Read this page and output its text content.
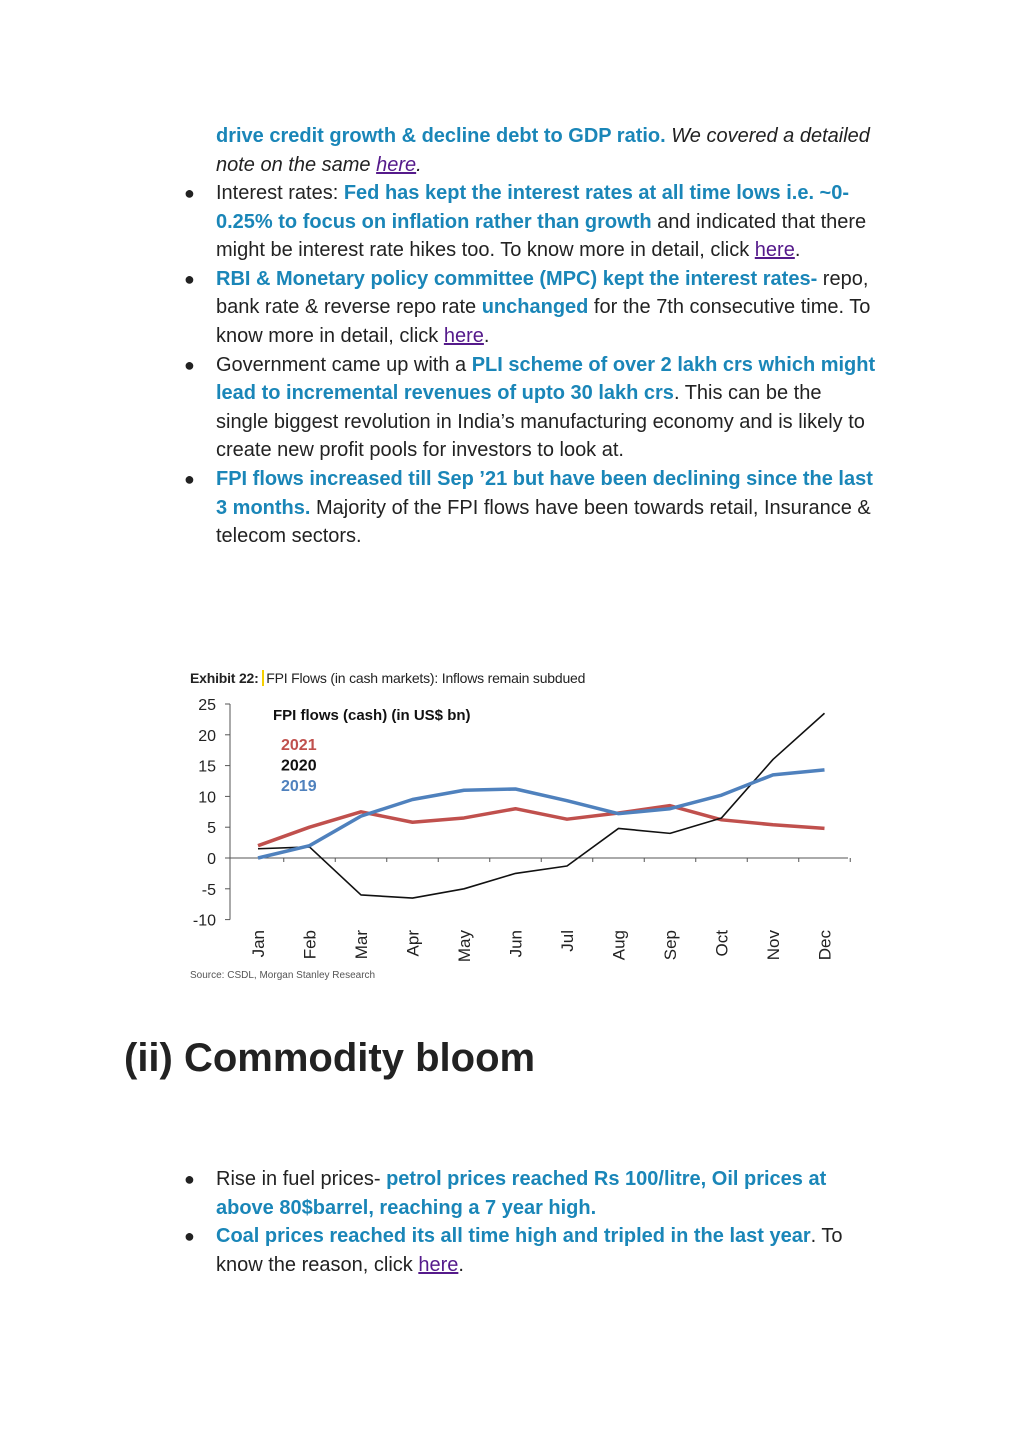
drive credit growth & decline debt to GDP ratio. We covered a detailed
note on the same here.
● Interest rates: Fed has kept the interest rates at all time lows i.e. ~0-0.25% to focus on inflation rather than growth and indicated that there might be interest rate hikes too. To know more in detail, click here.
● RBI & Monetary policy committee (MPC) kept the interest rates- repo, bank rate & reverse repo rate unchanged for the 7th consecutive time. To know more in detail, click here.
● Government came up with a PLI scheme of over 2 lakh crs which might lead to incremental revenues of upto 30 lakh crs. This can be the single biggest revolution in India’s manufacturing economy and is likely to create new profit pools for investors to look at.
● FPI flows increased till Sep ’21 but have been declining since the last 3 months. Majority of the FPI flows have been towards retail, Insurance & telecom sectors.
Exhibit 22: FPI Flows (in cash markets): Inflows remain subdued
25
20
15
10
5
0
-5
-10
Jan Feb Mar Apr May Jun Jul Aug Sep Oct Nov Dec
FPI flows (cash) (in US$ bn)
2021
2020
2019
Source: CSDL, Morgan Stanley Research
(ii) Commodity bloom
● Rise in fuel prices- petrol prices reached Rs 100/litre, Oil prices at above 80$barrel, reaching a 7 year high.
● Coal prices reached its all time high and tripled in the last year. To know the reason, click here.
